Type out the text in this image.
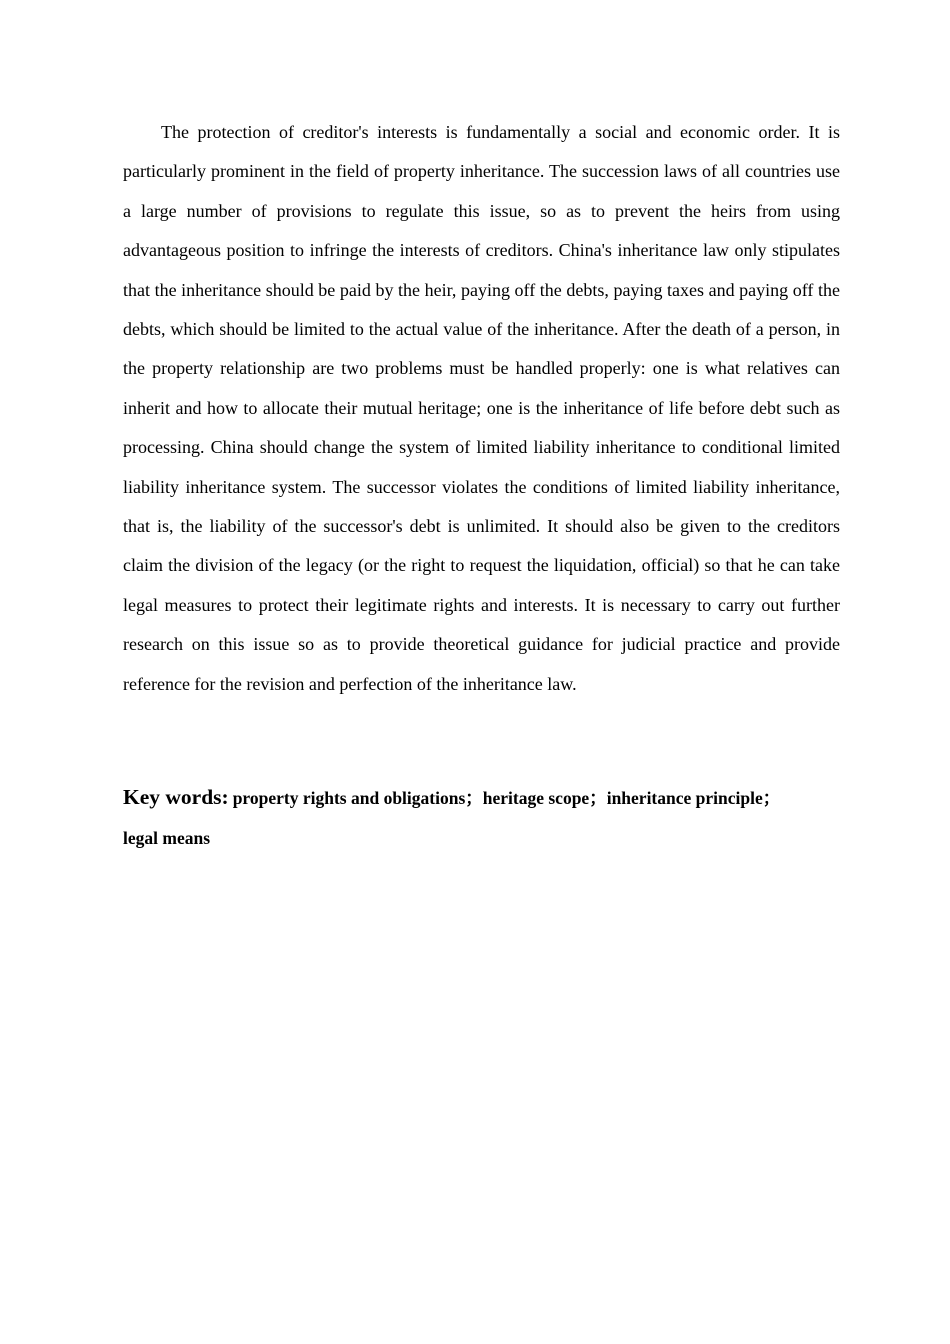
The protection of creditor's interests is fundamentally a social and economic order. It is particularly prominent in the field of property inheritance. The succession laws of all countries use a large number of provisions to regulate this issue, so as to prevent the heirs from using advantageous position to infringe the interests of creditors. China's inheritance law only stipulates that the inheritance should be paid by the heir, paying off the debts, paying taxes and paying off the debts, which should be limited to the actual value of the inheritance. After the death of a person, in the property relationship are two problems must be handled properly: one is what relatives can inherit and how to allocate their mutual heritage; one is the inheritance of life before debt such as processing. China should change the system of limited liability inheritance to conditional limited liability inheritance system. The successor violates the conditions of limited liability inheritance, that is, the liability of the successor's debt is unlimited. It should also be given to the creditors claim the division of the legacy (or the right to request the liquidation, official) so that he can take legal measures to protect their legitimate rights and interests. It is necessary to carry out further research on this issue so as to provide theoretical guidance for judicial practice and provide reference for the revision and perfection of the inheritance law.

Key words: property rights and obligations；heritage scope；inheritance principle；
legal means
